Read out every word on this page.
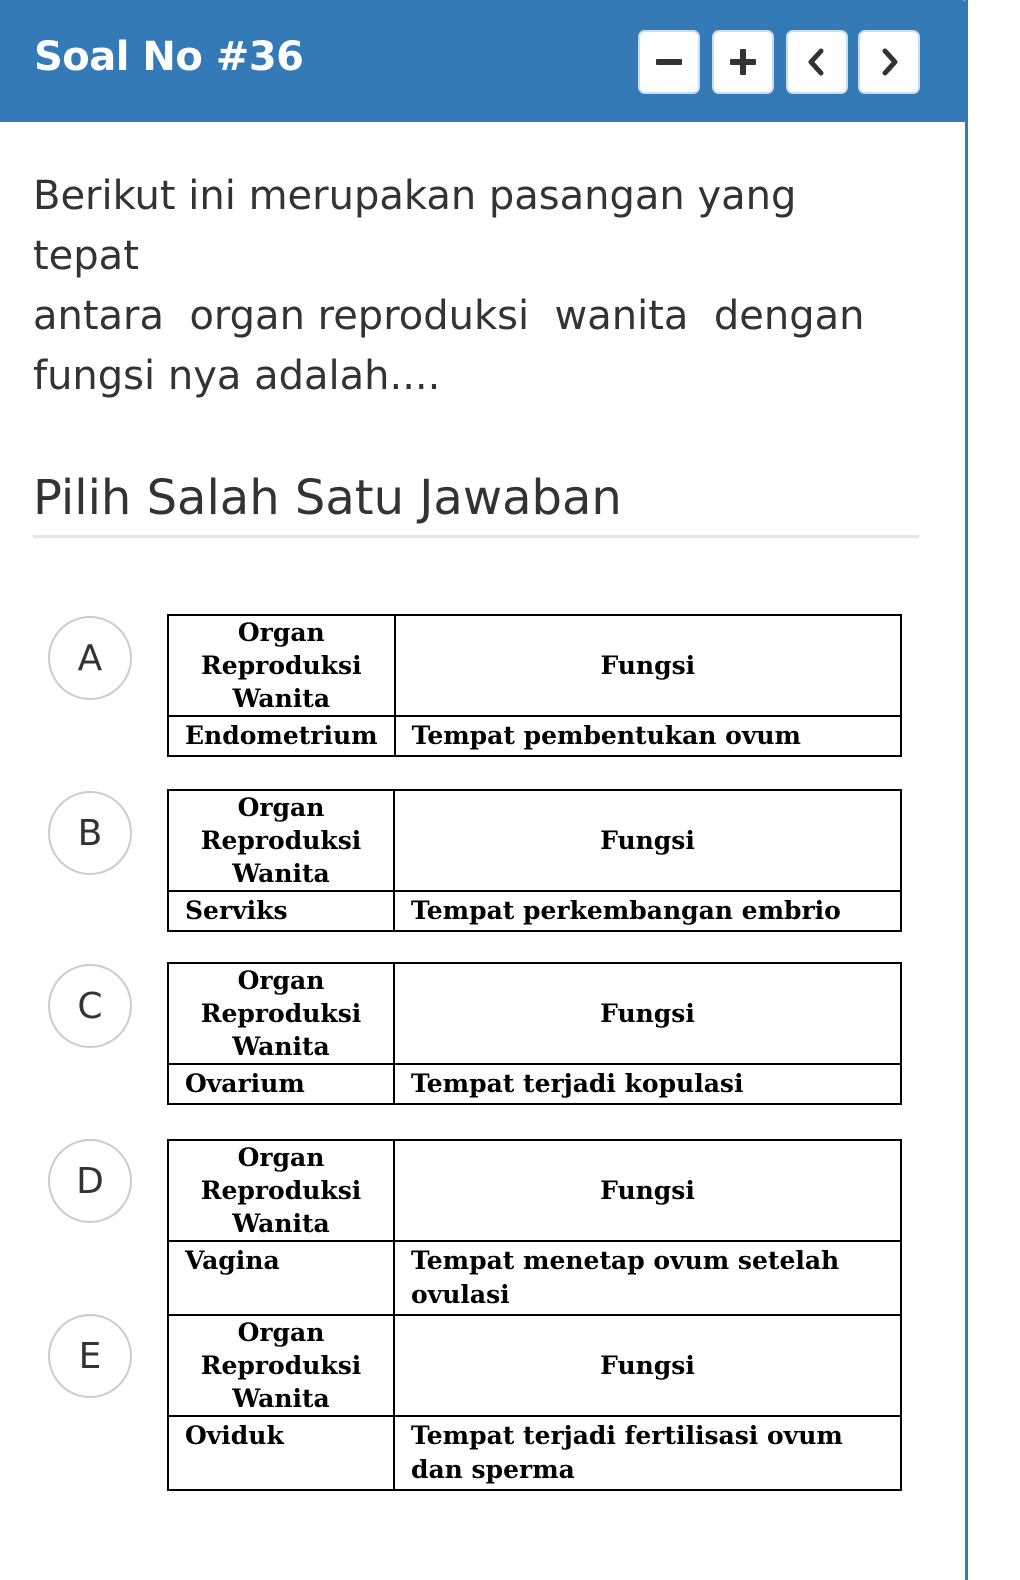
Soal No #36
Berikut ini merupakan pasangan yang  tepat
antara  organ reproduksi  wanita  dengan
fungsi nya adalah....
Pilih Salah Satu Jawaban
A
Organ Reproduksi Wanita	Fungsi
Endometrium	Tempat pembentukan ovum
B
Organ Reproduksi Wanita	Fungsi
Serviks	Tempat perkembangan embrio
C
Organ Reproduksi Wanita	Fungsi
Ovarium	Tempat terjadi kopulasi
D
Organ Reproduksi Wanita	Fungsi
Vagina	Tempat menetap ovum setelah ovulasi
E
Organ Reproduksi Wanita	Fungsi
Oviduk	Tempat terjadi fertilisasi ovum dan sperma
